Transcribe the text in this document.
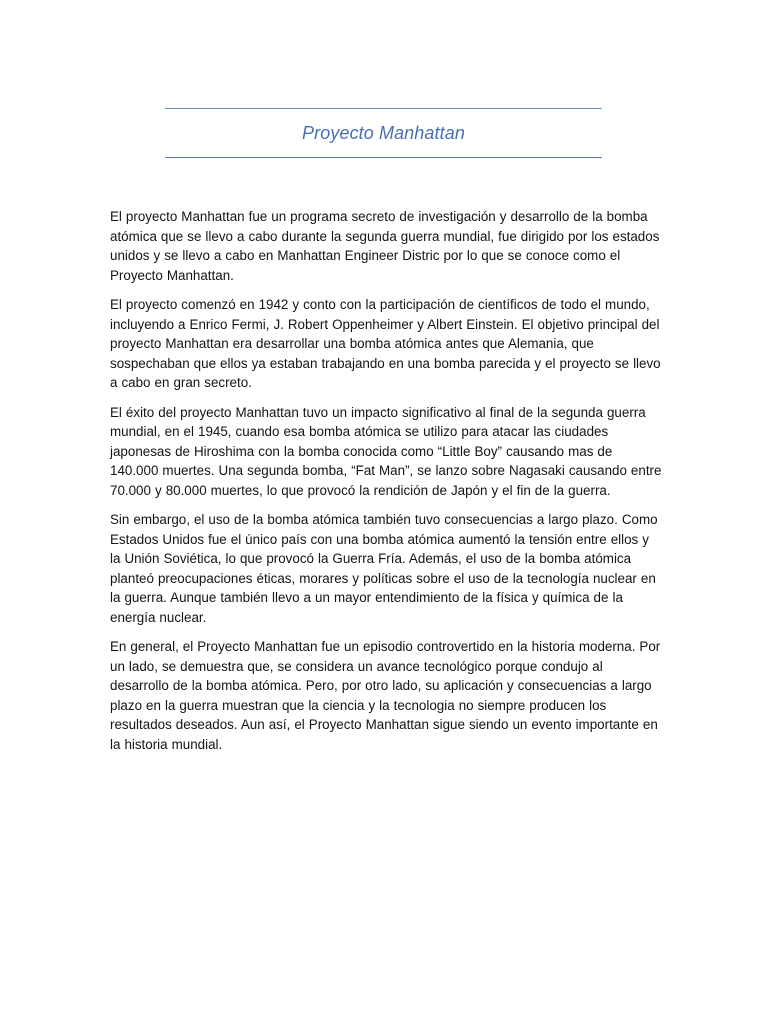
Proyecto Manhattan

El proyecto Manhattan fue un programa secreto de investigación y desarrollo de la bomba atómica que se llevo a cabo durante la segunda guerra mundial, fue dirigido por los estados unidos y se llevo a cabo en Manhattan Engineer Distric por lo que se conoce como el Proyecto Manhattan.

El proyecto comenzó en 1942 y conto con la participación de científicos de todo el mundo, incluyendo a Enrico Fermi, J. Robert Oppenheimer y Albert Einstein. El objetivo principal del proyecto Manhattan era desarrollar una bomba atómica antes que Alemania, que sospechaban que ellos ya estaban trabajando en una bomba parecida y el proyecto se llevo a cabo en gran secreto.

El éxito del proyecto Manhattan tuvo un impacto significativo al final de la segunda guerra mundial, en el 1945, cuando esa bomba atómica se utilizo para atacar las ciudades japonesas de Hiroshima con la bomba conocida como “Little Boy” causando mas de 140.000 muertes. Una segunda bomba, “Fat Man”, se lanzo sobre Nagasaki causando entre 70.000 y 80.000 muertes, lo que provocó la rendición de Japón y el fin de la guerra.

Sin embargo, el uso de la bomba atómica también tuvo consecuencias a largo plazo. Como Estados Unidos fue el único país con una bomba atómica aumentó la tensión entre ellos y la Unión Soviética, lo que provocó la Guerra Fría. Además, el uso de la bomba atómica planteó preocupaciones éticas, morares y políticas sobre el uso de la tecnología nuclear en la guerra. Aunque también llevo a un mayor entendimiento de la física y química de la energía nuclear.

En general, el Proyecto Manhattan fue un episodio controvertido en la historia moderna. Por un lado, se demuestra que, se considera un avance tecnológico porque condujo al desarrollo de la bomba atómica. Pero, por otro lado, su aplicación y consecuencias a largo plazo en la guerra muestran que la ciencia y la tecnologia no siempre producen los resultados deseados. Aun así, el Proyecto Manhattan sigue siendo un evento importante en la historia mundial.
